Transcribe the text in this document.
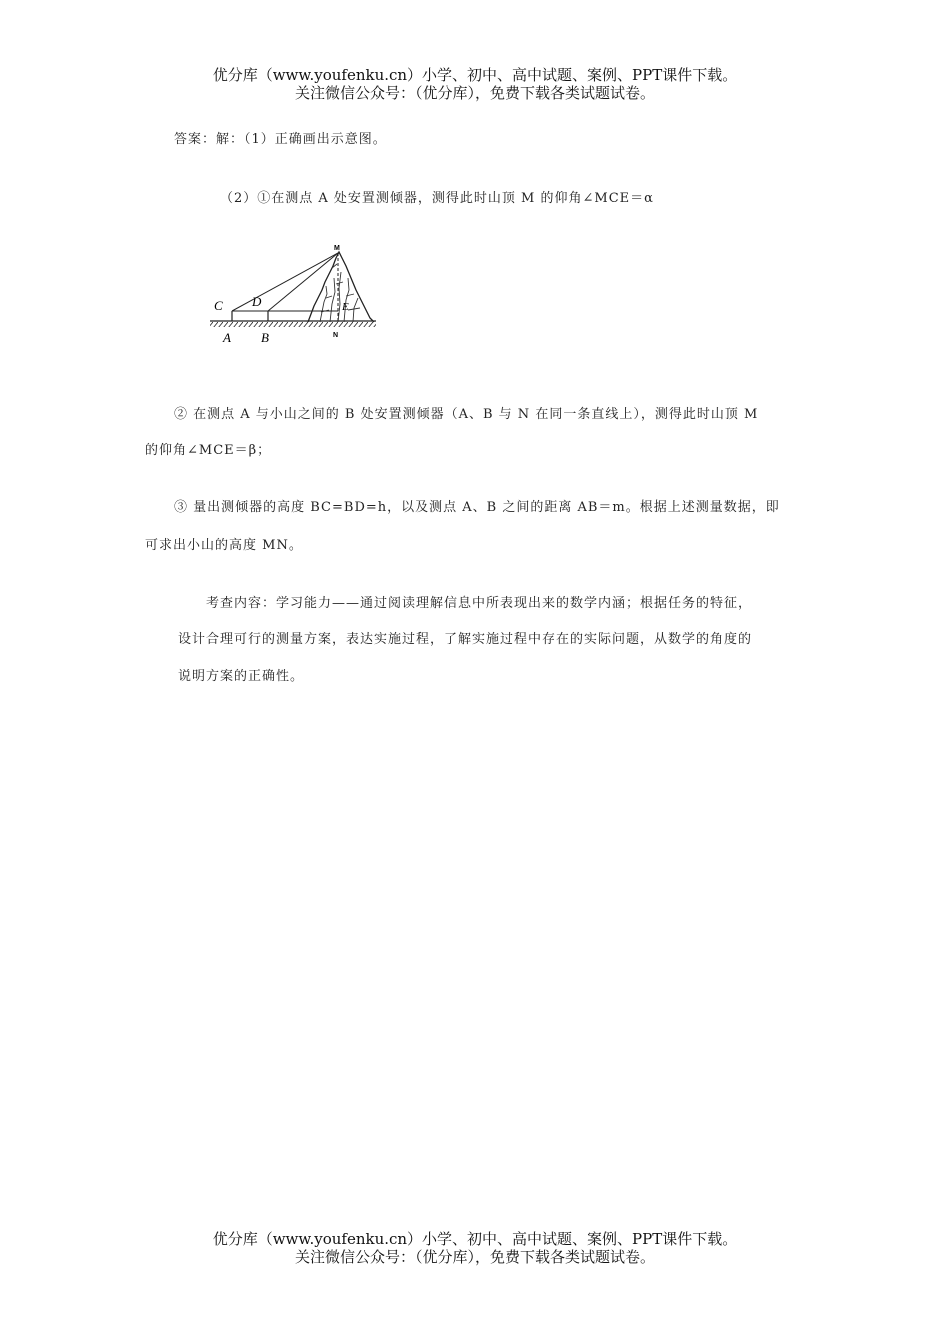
优分库（www.youfenku.cn）小学、初中、高中试题、案例、PPT课件下载。
关注微信公众号：（优分库），免费下载各类试题试卷。
答案：解：（1）正确画出示意图。
（2）①在测点 A 处安置测倾器，测得此时山顶 M 的仰角∠MCE＝α
M
C D	E
A B	N
② 在测点 A 与小山之间的 B 处安置测倾器（A、B 与 N 在同一条直线上），测得此时山顶 M
的仰角∠MCE＝β；
③ 量出测倾器的高度 BC=BD=h，以及测点 A、B 之间的距离 AB＝m。根据上述测量数据，即
可求出小山的高度 MN。
考查内容：学习能力——通过阅读理解信息中所表现出来的数学内涵；根据任务的特征，
设计合理可行的测量方案，表达实施过程，了解实施过程中存在的实际问题，从数学的角度的
说明方案的正确性。
优分库（www.youfenku.cn）小学、初中、高中试题、案例、PPT课件下载。
关注微信公众号：（优分库），免费下载各类试题试卷。
